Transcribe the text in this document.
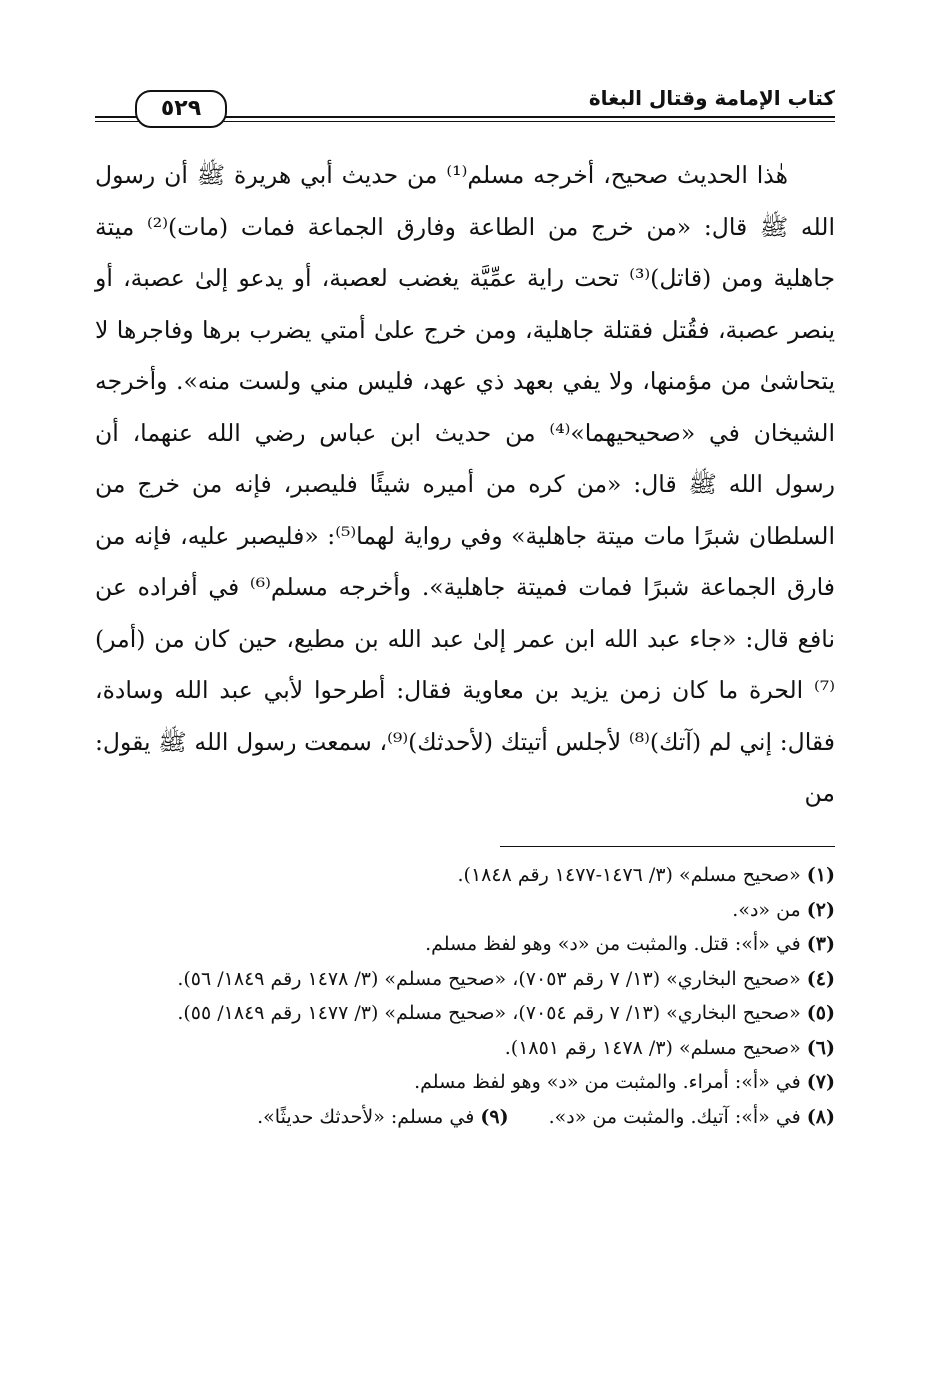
كتاب الإمامة وقتال البغاة
٥٢٩

هٰذا الحديث صحيح، أخرجه مسلم⁽¹⁾ من حديث أبي هريرة ﷺ أن رسول الله ﷺ قال: «من خرج من الطاعة وفارق الجماعة فمات (مات)⁽²⁾ ميتة جاهلية ومن (قاتل)⁽³⁾ تحت راية عمِّيَّة يغضب لعصبة، أو يدعو إلىٰ عصبة، أو ينصر عصبة، فقُتل فقتلة جاهلية، ومن خرج علىٰ أمتي يضرب برها وفاجرها لا يتحاشىٰ من مؤمنها، ولا يفي بعهد ذي عهد، فليس مني ولست منه». وأخرجه الشيخان في «صحيحيهما»⁽⁴⁾ من حديث ابن عباس رضي الله عنهما، أن رسول الله ﷺ قال: «من كره من أميره شيئًا فليصبر، فإنه من خرج من السلطان شبرًا مات ميتة جاهلية» وفي رواية لهما⁽⁵⁾: «فليصبر عليه، فإنه من فارق الجماعة شبرًا فمات فميتة جاهلية». وأخرجه مسلم⁽⁶⁾ في أفراده عن نافع قال: «جاء عبد الله ابن عمر إلىٰ عبد الله بن مطيع، حين كان من (أمر)⁽⁷⁾ الحرة ما كان زمن يزيد بن معاوية فقال: أطرحوا لأبي عبد الله وسادة، فقال: إني لم (آتك)⁽⁸⁾ لأجلس أتيتك (لأحدثك)⁽⁹⁾، سمعت رسول الله ﷺ يقول: من

(١) «صحيح مسلم» (٣/ ١٤٧٦-١٤٧٧ رقم ١٨٤٨).

(٢) من «د».

(٣) في «أ»: قتل. والمثبت من «د» وهو لفظ مسلم.

(٤) «صحيح البخاري» (١٣/ ٧ رقم ٧٠٥٣)، «صحيح مسلم» (٣/ ١٤٧٨ رقم ١٨٤٩/ ٥٦).

(٥) «صحيح البخاري» (١٣/ ٧ رقم ٧٠٥٤)، «صحيح مسلم» (٣/ ١٤٧٧ رقم ١٨٤٩/ ٥٥).

(٦) «صحيح مسلم» (٣/ ١٤٧٨ رقم ١٨٥١).

(٧) في «أ»: أمراء. والمثبت من «د» وهو لفظ مسلم.

(٨) في «أ»: آتيك. والمثبت من «د».

(٩) في مسلم: «لأحدثك حديثًا».
